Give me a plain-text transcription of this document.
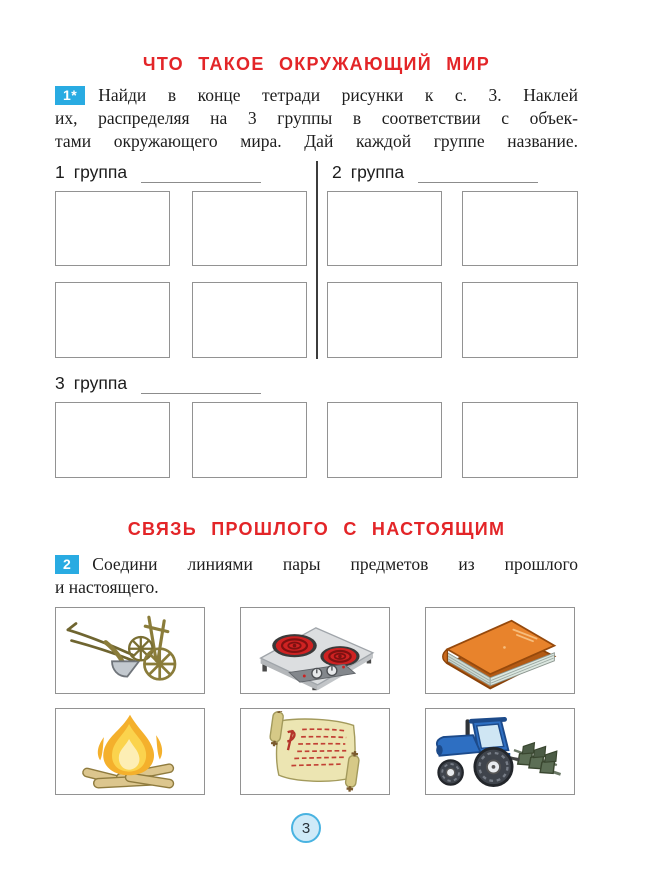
ЧТО ТАКОЕ ОКРУЖАЮЩИЙ МИР
1*	Найди в конце тетради рисунки к с. 3. Наклей
их, распределяя на 3 группы в соответствии с объек-
тами окружающего мира. Дай каждой группе название.
1 группа	2 группа
3 группа
СВЯЗЬ ПРОШЛОГО С НАСТОЯЩИМ
2	Соедини линиями пары предметов из прошлого
и настоящего.
3
